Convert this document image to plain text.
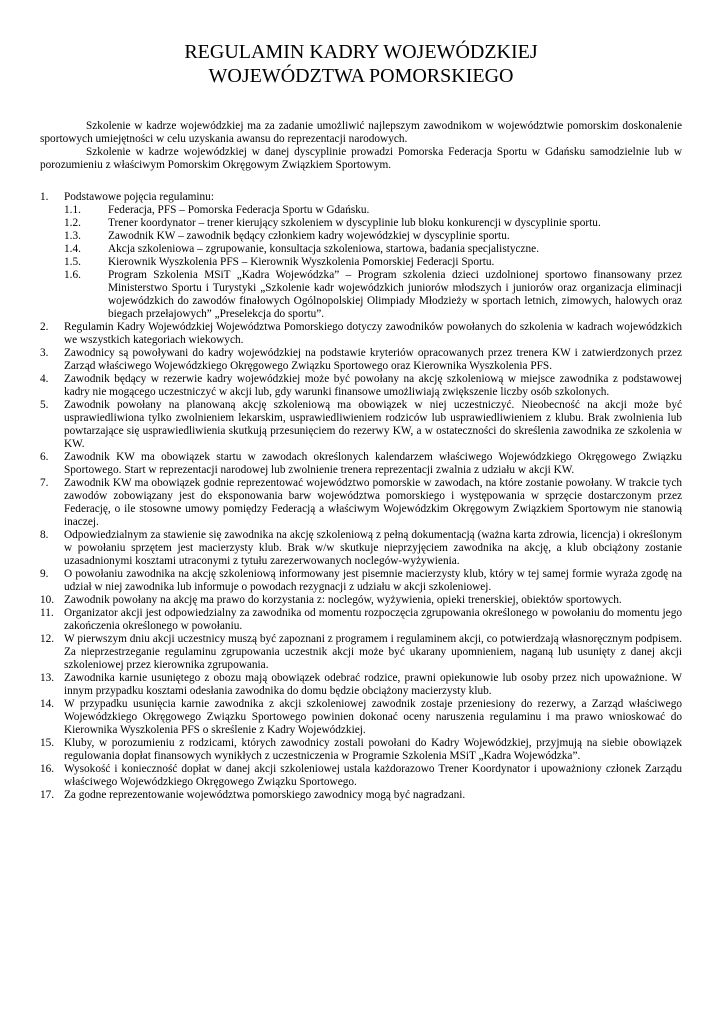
REGULAMIN KADRY WOJEWÓDZKIEJ
WOJEWÓDZTWA POMORSKIEGO

Szkolenie w kadrze wojewódzkiej ma za zadanie umożliwić najlepszym zawodnikom w województwie pomorskim doskonalenie sportowych umiejętności w celu uzyskania awansu do reprezentacji narodowych.

Szkolenie w kadrze wojewódzkiej w danej dyscyplinie prowadzi Pomorska Federacja Sportu w Gdańsku samodzielnie lub w porozumieniu z właściwym Pomorskim Okręgowym Związkiem Sportowym.

1. Podstawowe pojęcia regulaminu:
1.1. Federacja, PFS – Pomorska Federacja Sportu w Gdańsku.
1.2. Trener koordynator – trener kierujący szkoleniem w dyscyplinie lub bloku konkurencji w dyscyplinie sportu.
1.3. Zawodnik KW – zawodnik będący członkiem kadry wojewódzkiej w dyscyplinie sportu.
1.4. Akcja szkoleniowa – zgrupowanie, konsultacja szkoleniowa, startowa, badania specjalistyczne.
1.5. Kierownik Wyszkolenia PFS – Kierownik Wyszkolenia Pomorskiej Federacji Sportu.
1.6. Program Szkolenia MSiT „Kadra Wojewódzka” – Program szkolenia dzieci uzdolnionej sportowo finansowany przez Ministerstwo Sportu i Turystyki „Szkolenie kadr wojewódzkich juniorów młodszych i juniorów oraz organizacja eliminacji wojewódzkich do zawodów finałowych Ogólnopolskiej Olimpiady Młodzieży w sportach letnich, zimowych, halowych oraz biegach przełajowych” „Preselekcja do sportu”.
2. Regulamin Kadry Wojewódzkiej Województwa Pomorskiego dotyczy zawodników powołanych do szkolenia w kadrach wojewódzkich we wszystkich kategoriach wiekowych.
3. Zawodnicy są powoływani do kadry wojewódzkiej na podstawie kryteriów opracowanych przez trenera KW i zatwierdzonych przez Zarząd właściwego Wojewódzkiego Okręgowego Związku Sportowego oraz Kierownika Wyszkolenia PFS.
4. Zawodnik będący w rezerwie kadry wojewódzkiej może być powołany na akcję szkoleniową w miejsce zawodnika z podstawowej kadry nie mogącego uczestniczyć w akcji lub, gdy warunki finansowe umożliwiają zwiększenie liczby osób szkolonych.
5. Zawodnik powołany na planowaną akcję szkoleniową ma obowiązek w niej uczestniczyć. Nieobecność na akcji może być usprawiedliwiona tylko zwolnieniem lekarskim, usprawiedliwieniem rodziców lub usprawiedliwieniem z klubu. Brak zwolnienia lub powtarzające się usprawiedliwienia skutkują przesunięciem do rezerwy KW, a w ostateczności do skreślenia zawodnika ze szkolenia w KW.
6. Zawodnik KW ma obowiązek startu w zawodach określonych kalendarzem właściwego Wojewódzkiego Okręgowego Związku Sportowego. Start w reprezentacji narodowej lub zwolnienie trenera reprezentacji zwalnia z udziału w akcji KW.
7. Zawodnik KW ma obowiązek godnie reprezentować województwo pomorskie w zawodach, na które zostanie powołany. W trakcie tych zawodów zobowiązany jest do eksponowania barw województwa pomorskiego i występowania w sprzęcie dostarczonym przez Federację, o ile stosowne umowy pomiędzy Federacją a właściwym Wojewódzkim Okręgowym Związkiem Sportowym nie stanowią inaczej.
8. Odpowiedzialnym za stawienie się zawodnika na akcję szkoleniową z pełną dokumentacją (ważna karta zdrowia, licencja) i określonym w powołaniu sprzętem jest macierzysty klub. Brak w/w skutkuje nieprzyjęciem zawodnika na akcję, a klub obciążony zostanie uzasadnionymi kosztami utraconymi z tytułu zarezerwowanych noclegów-wyżywienia.
9. O powołaniu zawodnika na akcję szkoleniową informowany jest pisemnie macierzysty klub, który w tej samej formie wyraża zgodę na udział w niej zawodnika lub informuje o powodach rezygnacji z udziału w akcji szkoleniowej.
10. Zawodnik powołany na akcję ma prawo do korzystania z: noclegów, wyżywienia, opieki trenerskiej, obiektów sportowych.
11. Organizator akcji jest odpowiedzialny za zawodnika od momentu rozpoczęcia zgrupowania określonego w powołaniu do momentu jego zakończenia określonego w powołaniu.
12. W pierwszym dniu akcji uczestnicy muszą być zapoznani z programem i regulaminem akcji, co potwierdzają własnoręcznym podpisem. Za nieprzestrzeganie regulaminu zgrupowania uczestnik akcji może być ukarany upomnieniem, naganą lub usunięty z danej akcji szkoleniowej przez kierownika zgrupowania.
13. Zawodnika karnie usuniętego z obozu mają obowiązek odebrać rodzice, prawni opiekunowie lub osoby przez nich upoważnione. W innym przypadku kosztami odesłania zawodnika do domu będzie obciążony macierzysty klub.
14. W przypadku usunięcia karnie zawodnika z akcji szkoleniowej zawodnik zostaje przeniesiony do rezerwy, a Zarząd właściwego Wojewódzkiego Okręgowego Związku Sportowego powinien dokonać oceny naruszenia regulaminu i ma prawo wnioskować do Kierownika Wyszkolenia PFS o skreślenie z Kadry Wojewódzkiej.
15. Kluby, w porozumieniu z rodzicami, których zawodnicy zostali powołani do Kadry Wojewódzkiej, przyjmują na siebie obowiązek regulowania dopłat finansowych wynikłych z uczestniczenia w Programie Szkolenia MSiT „Kadra Wojewódzka”.
16. Wysokość i konieczność dopłat w danej akcji szkoleniowej ustala każdorazowo Trener Koordynator i upoważniony członek Zarządu właściwego Wojewódzkiego Okręgowego Związku Sportowego.
17. Za godne reprezentowanie województwa pomorskiego zawodnicy mogą być nagradzani.
